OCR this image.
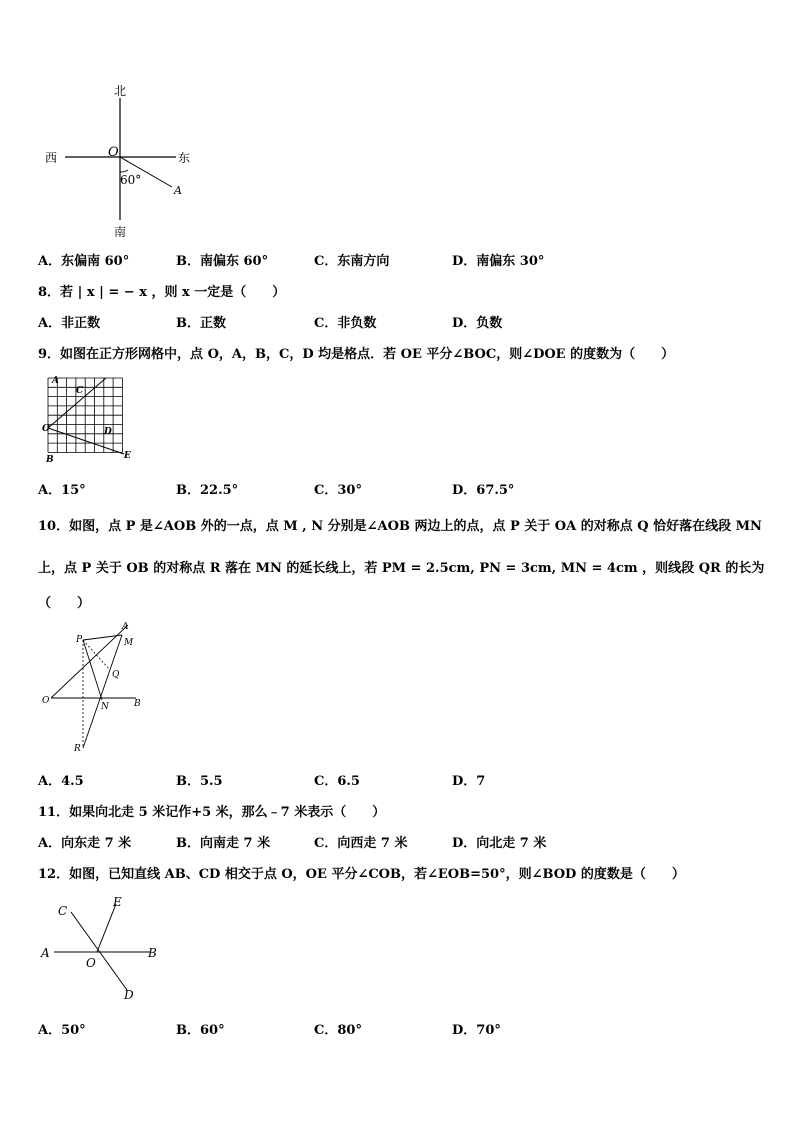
北
南
西	东
O
60°
A
A．东偏南 60°	B．南偏东 60°	C．东南方向	D．南偏东 30°
8．若 | x | = − x ，则 x 一定是（　　）
A．非正数	B．正数	C．非负数	D．负数
9．如图在正方形网格中，点 O，A，B，C，D 均是格点．若 OE 平分∠BOC，则∠DOE 的度数为（　　）
A
C
O	D
B	E
A．15°	B．22.5°	C．30°	D．67.5°
10．如图，点 P 是∠AOB 外的一点，点 M , N 分别是∠AOB 两边上的点，点 P 关于 OA 的对称点 Q 恰好落在线段 MN
上，点 P 关于 OB 的对称点 R 落在 MN 的延长线上，若 PM = 2.5cm, PN = 3cm, MN = 4cm ，则线段 QR 的长为
（　　）
P
A
M
Q
O
N	B
R
A．4.5	B．5.5	C．6.5	D．7
11．如果向北走 5 米记作+5 米，那么﹣7 米表示（　　）
A．向东走 7 米	B．向南走 7 米	C．向西走 7 米	D．向北走 7 米
12．如图，已知直线 AB、CD 相交于点 O，OE 平分∠COB，若∠EOB=50°，则∠BOD 的度数是（　　）
C
E
A
O
B
D
A．50°	B．60°	C．80°	D．70°
